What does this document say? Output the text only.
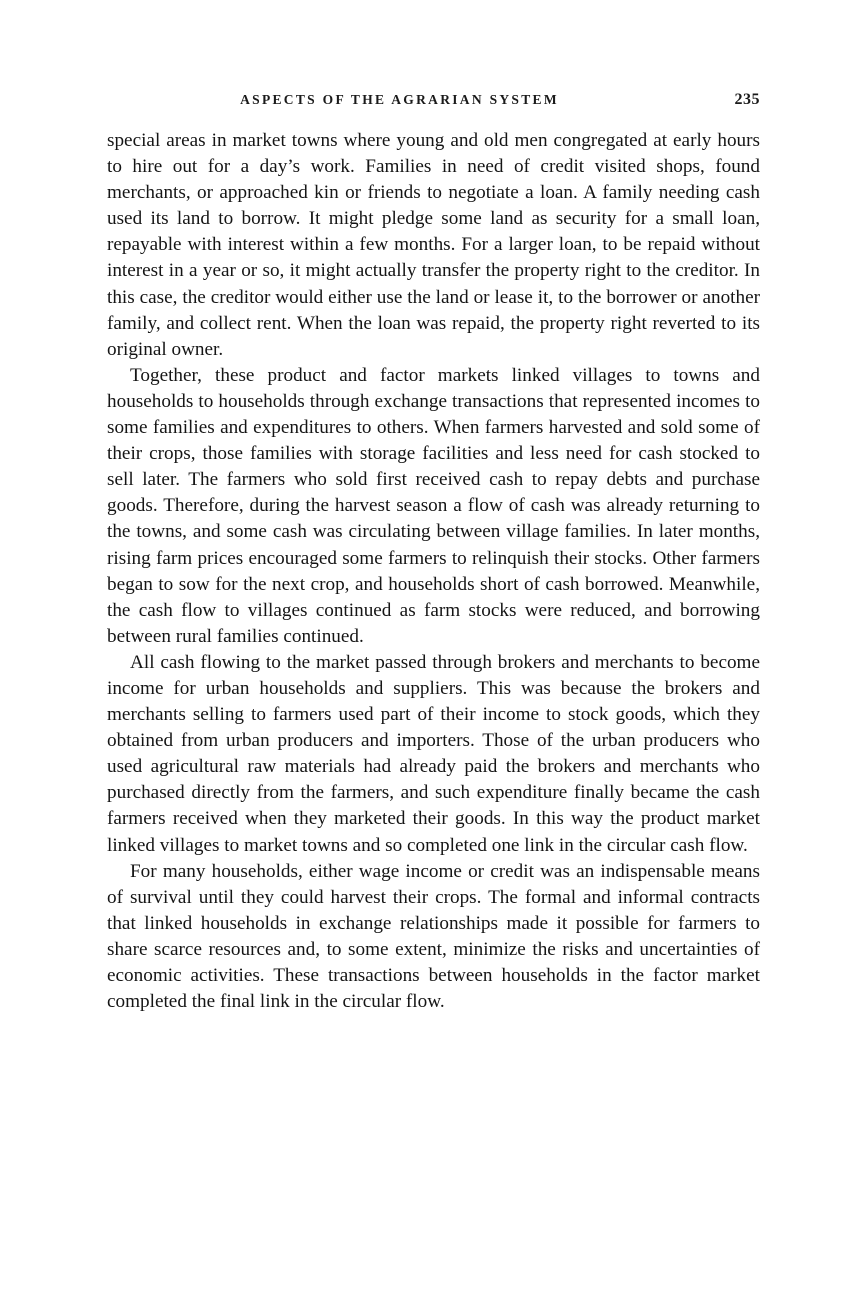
ASPECTS OF THE AGRARIAN SYSTEM	235

special areas in market towns where young and old men congregated at early hours to hire out for a day’s work. Families in need of credit visited shops, found merchants, or approached kin or friends to negotiate a loan. A family needing cash used its land to borrow. It might pledge some land as security for a small loan, repayable with interest within a few months. For a larger loan, to be repaid without interest in a year or so, it might actually transfer the property right to the creditor. In this case, the creditor would either use the land or lease it, to the borrower or another family, and collect rent. When the loan was repaid, the property right reverted to its original owner.

Together, these product and factor markets linked villages to towns and households to households through exchange transactions that represented incomes to some families and expenditures to others. When farmers harvested and sold some of their crops, those families with storage facilities and less need for cash stocked to sell later. The farmers who sold first received cash to repay debts and purchase goods. Therefore, during the harvest season a flow of cash was already returning to the towns, and some cash was circulating between village families. In later months, rising farm prices encouraged some farmers to relinquish their stocks. Other farmers began to sow for the next crop, and households short of cash borrowed. Meanwhile, the cash flow to villages continued as farm stocks were reduced, and borrowing between rural families continued.

All cash flowing to the market passed through brokers and merchants to become income for urban households and suppliers. This was because the brokers and merchants selling to farmers used part of their income to stock goods, which they obtained from urban producers and importers. Those of the urban producers who used agricultural raw materials had already paid the brokers and merchants who purchased directly from the farmers, and such expenditure finally became the cash farmers received when they marketed their goods. In this way the product market linked villages to market towns and so completed one link in the circular cash flow.

For many households, either wage income or credit was an indispensable means of survival until they could harvest their crops. The formal and informal contracts that linked households in exchange relationships made it possible for farmers to share scarce resources and, to some extent, minimize the risks and uncertainties of economic activities. These transactions between households in the factor market completed the final link in the circular flow.
